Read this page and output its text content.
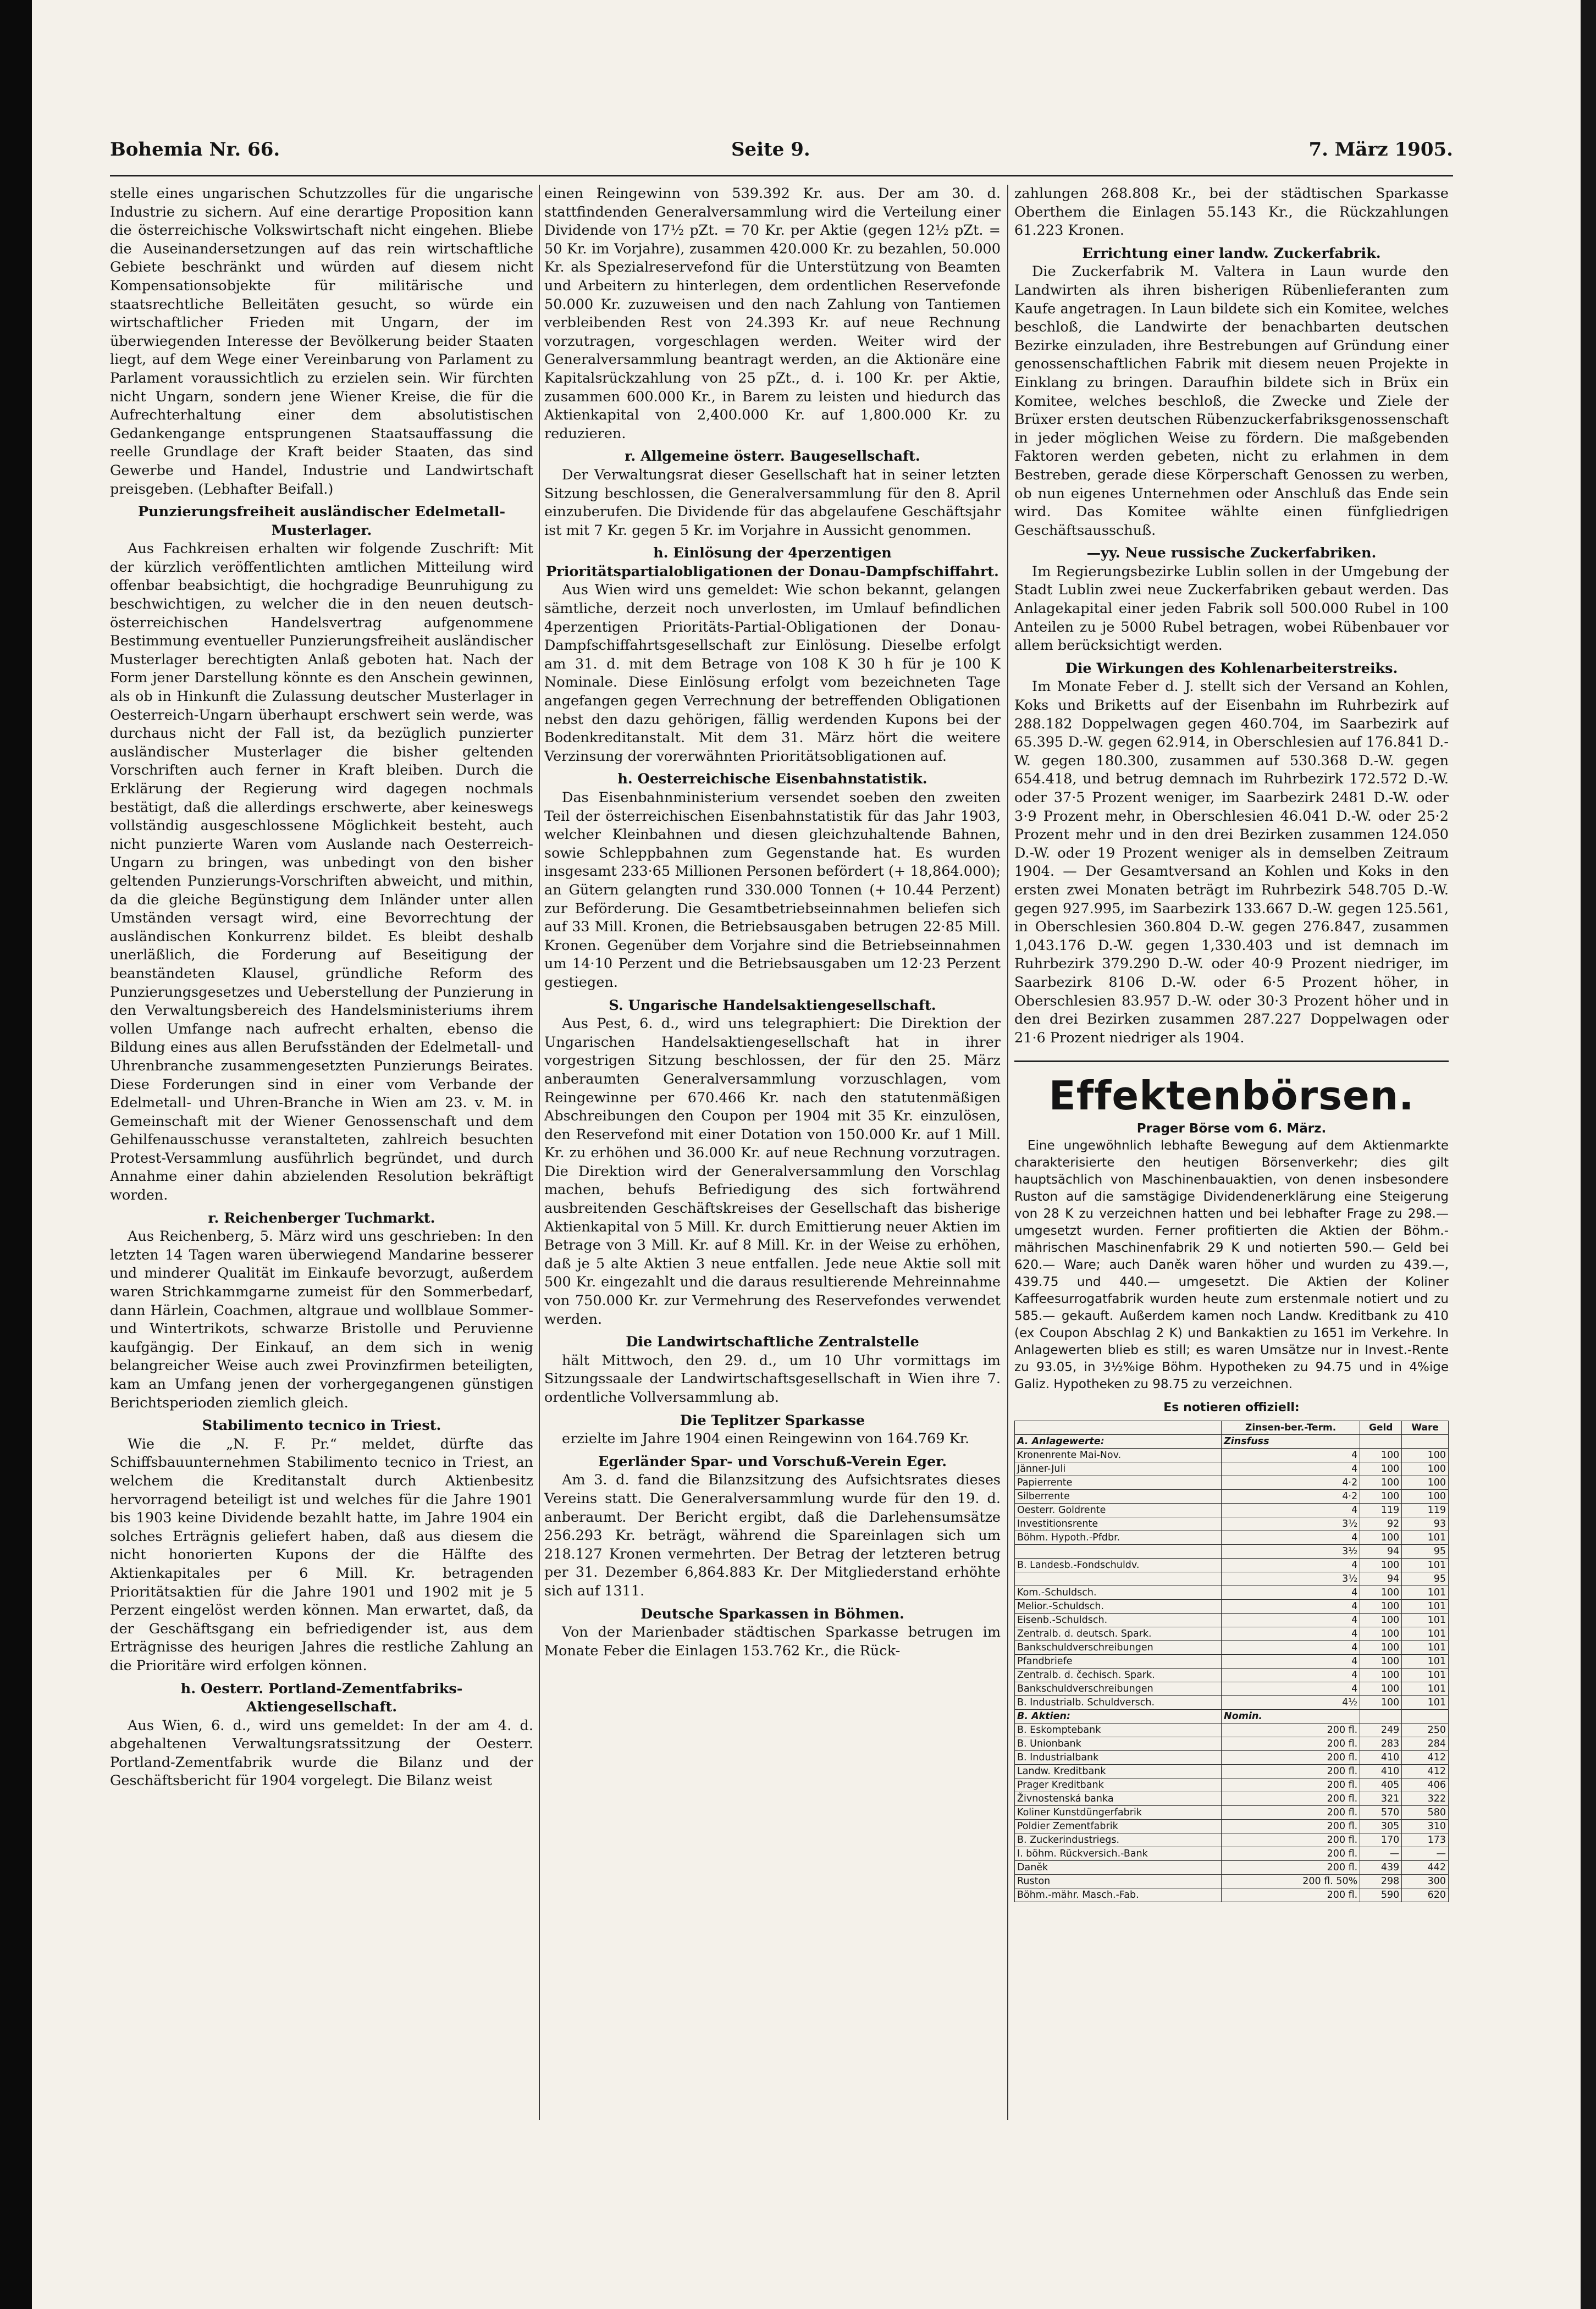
Bohemia Nr. 66.	Seite 9.	7. März 1905.

stelle eines ungarischen Schutzzolles für die ungarische Industrie zu sichern. Auf eine derartige Proposition kann die österreichische Volkswirtschaft nicht eingehen. Bliebe die Auseinandersetzungen auf das rein wirtschaftliche Gebiete beschränkt und würden auf diesem nicht Kompensationsobjekte für militärische und staatsrechtliche Belleitäten gesucht, so würde ein wirtschaftlicher Frieden mit Ungarn, der im überwiegenden Interesse der Bevölkerung beider Staaten liegt, auf dem Wege einer Vereinbarung von Parlament zu Parlament voraussichtlich zu erzielen sein. Wir fürchten nicht Ungarn, sondern jene Wiener Kreise, die für die Aufrechterhaltung einer dem absolutistischen Gedankengange entsprungenen Staatsauffassung die reelle Grundlage der Kraft beider Staaten, das sind Gewerbe und Handel, Industrie und Landwirtschaft preisgeben. (Lebhafter Beifall.)

Punzierungsfreiheit ausländischer Edelmetall-Musterlager.

Aus Fachkreisen erhalten wir folgende Zuschrift: Mit der kürzlich veröffentlichten amtlichen Mitteilung wird offenbar beabsichtigt, die hochgradige Beunruhigung zu beschwichtigen, zu welcher die in den neuen deutsch-österreichischen Handelsvertrag aufgenommene Bestimmung eventueller Punzierungsfreiheit ausländischer Musterlager berechtigten Anlaß geboten hat. Nach der Form jener Darstellung könnte es den Anschein gewinnen, als ob in Hinkunft die Zulassung deutscher Musterlager in Oesterreich-Ungarn überhaupt erschwert sein werde, was durchaus nicht der Fall ist, da bezüglich punzierter ausländischer Musterlager die bisher geltenden Vorschriften auch ferner in Kraft bleiben. Durch die Erklärung der Regierung wird dagegen nochmals bestätigt, daß die allerdings erschwerte, aber keineswegs vollständig ausgeschlossene Möglichkeit besteht, auch nicht punzierte Waren vom Auslande nach Oesterreich-Ungarn zu bringen, was unbedingt von den bisher geltenden Punzierungs-Vorschriften abweicht, und mithin, da die gleiche Begünstigung dem Inländer unter allen Umständen versagt wird, eine Bevorrechtung der ausländischen Konkurrenz bildet. Es bleibt deshalb unerläßlich, die Forderung auf Beseitigung der beanständeten Klausel, gründliche Reform des Punzierungsgesetzes und Ueberstellung der Punzierung in den Verwaltungsbereich des Handelsministeriums ihrem vollen Umfange nach aufrecht erhalten, ebenso die Bildung eines aus allen Berufsständen der Edelmetall- und Uhrenbranche zusammengesetzten Punzierungs Beirates. Diese Forderungen sind in einer vom Verbande der Edelmetall- und Uhren-Branche in Wien am 23. v. M. in Gemeinschaft mit der Wiener Genossenschaft und dem Gehilfenausschusse veranstalteten, zahlreich besuchten Protest-Versammlung ausführlich begründet, und durch Annahme einer dahin abzielenden Resolution bekräftigt worden.

r. Reichenberger Tuchmarkt.

Aus Reichenberg, 5. März wird uns geschrieben: In den letzten 14 Tagen waren überwiegend Mandarine besserer und minderer Qualität im Einkaufe bevorzugt, außerdem waren Strichkammgarne zumeist für den Sommerbedarf, dann Härlein, Coachmen, altgraue und wollblaue Sommer- und Wintertrikots, schwarze Bristolle und Peruvienne kaufgängig. Der Einkauf, an dem sich in wenig belangreicher Weise auch zwei Provinzfirmen beteiligten, kam an Umfang jenen der vorhergegangenen günstigen Berichtsperioden ziemlich gleich.

Stabilimento tecnico in Triest.

Wie die „N. F. Pr.“ meldet, dürfte das Schiffsbauunternehmen Stabilimento tecnico in Triest, an welchem die Kreditanstalt durch Aktienbesitz hervorragend beteiligt ist und welches für die Jahre 1901 bis 1903 keine Dividende bezahlt hatte, im Jahre 1904 ein solches Erträgnis geliefert haben, daß aus diesem die nicht honorierten Kupons der die Hälfte des Aktienkapitales per 6 Mill. Kr. betragenden Prioritätsaktien für die Jahre 1901 und 1902 mit je 5 Perzent eingelöst werden können. Man erwartet, daß, da der Geschäftsgang ein befriedigender ist, aus dem Erträgnisse des heurigen Jahres die restliche Zahlung an die Prioritäre wird erfolgen können.

h. Oesterr. Portland-Zementfabriks-Aktiengesellschaft.

Aus Wien, 6. d., wird uns gemeldet: In der am 4. d. abgehaltenen Verwaltungsratssitzung der Oesterr. Portland-Zementfabrik wurde die Bilanz und der Geschäftsbericht für 1904 vorgelegt. Die Bilanz weist

einen Reingewinn von 539.392 Kr. aus. Der am 30. d. stattfindenden Generalversammlung wird die Verteilung einer Dividende von 17½ pZt. = 70 Kr. per Aktie (gegen 12½ pZt. = 50 Kr. im Vorjahre), zusammen 420.000 Kr. zu bezahlen, 50.000 Kr. als Spezialreservefond für die Unterstützung von Beamten und Arbeitern zu hinterlegen, dem ordentlichen Reservefonde 50.000 Kr. zuzuweisen und den nach Zahlung von Tantiemen verbleibenden Rest von 24.393 Kr. auf neue Rechnung vorzutragen, vorgeschlagen werden. Weiter wird der Generalversammlung beantragt werden, an die Aktionäre eine Kapitalsrückzahlung von 25 pZt., d. i. 100 Kr. per Aktie, zusammen 600.000 Kr., in Barem zu leisten und hiedurch das Aktienkapital von 2,400.000 Kr. auf 1,800.000 Kr. zu reduzieren.

r. Allgemeine österr. Baugesellschaft.

Der Verwaltungsrat dieser Gesellschaft hat in seiner letzten Sitzung beschlossen, die Generalversammlung für den 8. April einzuberufen. Die Dividende für das abgelaufene Geschäftsjahr ist mit 7 Kr. gegen 5 Kr. im Vorjahre in Aussicht genommen.

h. Einlösung der 4perzentigen Prioritätspartialobligationen der Donau-Dampfschiffahrt.

Aus Wien wird uns gemeldet: Wie schon bekannt, gelangen sämtliche, derzeit noch unverlosten, im Umlauf befindlichen 4perzentigen Prioritäts-Partial-Obligationen der Donau-Dampfschiffahrtsgesellschaft zur Einlösung. Dieselbe erfolgt am 31. d. mit dem Betrage von 108 K 30 h für je 100 K Nominale. Diese Einlösung erfolgt vom bezeichneten Tage angefangen gegen Verrechnung der betreffenden Obligationen nebst den dazu gehörigen, fällig werdenden Kupons bei der Bodenkreditanstalt. Mit dem 31. März hört die weitere Verzinsung der vorerwähnten Prioritätsobligationen auf.

h. Oesterreichische Eisenbahnstatistik.

Das Eisenbahnministerium versendet soeben den zweiten Teil der österreichischen Eisenbahnstatistik für das Jahr 1903, welcher Kleinbahnen und diesen gleichzuhaltende Bahnen, sowie Schleppbahnen zum Gegenstande hat. Es wurden insgesamt 233·65 Millionen Personen befördert (+ 18,864.000); an Gütern gelangten rund 330.000 Tonnen (+ 10.44 Perzent) zur Beförderung. Die Gesamtbetriebseinnahmen beliefen sich auf 33 Mill. Kronen, die Betriebsausgaben betrugen 22·85 Mill. Kronen. Gegenüber dem Vorjahre sind die Betriebseinnahmen um 14·10 Perzent und die Betriebsausgaben um 12·23 Perzent gestiegen.

S. Ungarische Handelsaktiengesellschaft.

Aus Pest, 6. d., wird uns telegraphiert: Die Direktion der Ungarischen Handelsaktiengesellschaft hat in ihrer vorgestrigen Sitzung beschlossen, der für den 25. März anberaumten Generalversammlung vorzuschlagen, vom Reingewinne per 670.466 Kr. nach den statutenmäßigen Abschreibungen den Coupon per 1904 mit 35 Kr. einzulösen, den Reservefond mit einer Dotation von 150.000 Kr. auf 1 Mill. Kr. zu erhöhen und 36.000 Kr. auf neue Rechnung vorzutragen. Die Direktion wird der Generalversammlung den Vorschlag machen, behufs Befriedigung des sich fortwährend ausbreitenden Geschäftskreises der Gesellschaft das bisherige Aktienkapital von 5 Mill. Kr. durch Emittierung neuer Aktien im Betrage von 3 Mill. Kr. auf 8 Mill. Kr. in der Weise zu erhöhen, daß je 5 alte Aktien 3 neue entfallen. Jede neue Aktie soll mit 500 Kr. eingezahlt und die daraus resultierende Mehreinnahme von 750.000 Kr. zur Vermehrung des Reservefondes verwendet werden.

Die Landwirtschaftliche Zentralstelle

hält Mittwoch, den 29. d., um 10 Uhr vormittags im Sitzungssaale der Landwirtschaftsgesellschaft in Wien ihre 7. ordentliche Vollversammlung ab.

Die Teplitzer Sparkasse

erzielte im Jahre 1904 einen Reingewinn von 164.769 Kr.

Egerländer Spar- und Vorschuß-Verein Eger.

Am 3. d. fand die Bilanzsitzung des Aufsichtsrates dieses Vereins statt. Die Generalversammlung wurde für den 19. d. anberaumt. Der Bericht ergibt, daß die Darlehensumsätze 256.293 Kr. beträgt, während die Spareinlagen sich um 218.127 Kronen vermehrten. Der Betrag der letzteren betrug per 31. Dezember 6,864.883 Kr. Der Mitgliederstand erhöhte sich auf 1311.

Deutsche Sparkassen in Böhmen.

Von der Marienbader städtischen Sparkasse betrugen im Monate Feber die Einlagen 153.762 Kr., die Rück-

zahlungen 268.808 Kr., bei der städtischen Sparkasse Oberthem die Einlagen 55.143 Kr., die Rückzahlungen 61.223 Kronen.

Errichtung einer landw. Zuckerfabrik.

Die Zuckerfabrik M. Valtera in Laun wurde den Landwirten als ihren bisherigen Rübenlieferanten zum Kaufe angetragen. In Laun bildete sich ein Komitee, welches beschloß, die Landwirte der benachbarten deutschen Bezirke einzuladen, ihre Bestrebungen auf Gründung einer genossenschaftlichen Fabrik mit diesem neuen Projekte in Einklang zu bringen. Daraufhin bildete sich in Brüx ein Komitee, welches beschloß, die Zwecke und Ziele der Brüxer ersten deutschen Rübenzuckerfabriksgenossenschaft in jeder möglichen Weise zu fördern. Die maßgebenden Faktoren werden gebeten, nicht zu erlahmen in dem Bestreben, gerade diese Körperschaft Genossen zu werben, ob nun eigenes Unternehmen oder Anschluß das Ende sein wird. Das Komitee wählte einen fünfgliedrigen Geschäftsausschuß.

—yy. Neue russische Zuckerfabriken.

Im Regierungsbezirke Lublin sollen in der Umgebung der Stadt Lublin zwei neue Zuckerfabriken gebaut werden. Das Anlagekapital einer jeden Fabrik soll 500.000 Rubel in 100 Anteilen zu je 5000 Rubel betragen, wobei Rübenbauer vor allem berücksichtigt werden.

Die Wirkungen des Kohlenarbeiterstreiks.

Im Monate Feber d. J. stellt sich der Versand an Kohlen, Koks und Briketts auf der Eisenbahn im Ruhrbezirk auf 288.182 Doppelwagen gegen 460.704, im Saarbezirk auf 65.395 D.-W. gegen 62.914, in Oberschlesien auf 176.841 D.-W. gegen 180.300, zusammen auf 530.368 D.-W. gegen 654.418, und betrug demnach im Ruhrbezirk 172.572 D.-W. oder 37·5 Prozent weniger, im Saarbezirk 2481 D.-W. oder 3·9 Prozent mehr, in Oberschlesien 46.041 D.-W. oder 25·2 Prozent mehr und in den drei Bezirken zusammen 124.050 D.-W. oder 19 Prozent weniger als in demselben Zeitraum 1904. — Der Gesamtversand an Kohlen und Koks in den ersten zwei Monaten beträgt im Ruhrbezirk 548.705 D.-W. gegen 927.995, im Saarbezirk 133.667 D.-W. gegen 125.561, in Oberschlesien 360.804 D.-W. gegen 276.847, zusammen 1,043.176 D.-W. gegen 1,330.403 und ist demnach im Ruhrbezirk 379.290 D.-W. oder 40·9 Prozent niedriger, im Saarbezirk 8106 D.-W. oder 6·5 Prozent höher, in Oberschlesien 83.957 D.-W. oder 30·3 Prozent höher und in den drei Bezirken zusammen 287.227 Doppelwagen oder 21·6 Prozent niedriger als 1904.

Effektenbörsen.
Prager Börse vom 6. März.

Eine ungewöhnlich lebhafte Bewegung auf dem Aktienmarkte charakterisierte den heutigen Börsenverkehr; dies gilt hauptsächlich von Maschinenbauaktien, von denen insbesondere Ruston auf die samstägige Dividendenerklärung eine Steigerung von 28 K zu verzeichnen hatten und bei lebhafter Frage zu 298.— umgesetzt wurden. Ferner profitierten die Aktien der Böhm.-mährischen Maschinenfabrik 29 K und notierten 590.— Geld bei 620.— Ware; auch Daněk waren höher und wurden zu 439.—, 439.75 und 440.— umgesetzt. Die Aktien der Koliner Kaffeesurrogatfabrik wurden heute zum erstenmale notiert und zu 585.— gekauft. Außerdem kamen noch Landw. Kreditbank zu 410 (ex Coupon Abschlag 2 K) und Bankaktien zu 1651 im Verkehre. In Anlagewerten blieb es still; es waren Umsätze nur in Invest.-Rente zu 93.05, in 3½%ige Böhm. Hypotheken zu 94.75 und in 4%ige Galiz. Hypotheken zu 98.75 zu verzeichnen.

Es notieren offiziell:
	Zinsen-ber.-Term.	Geld	Ware
A. Anlagewerte:	Zinsfuss		
Kronenrente Mai-Nov.	4	100	100
Jänner-Juli	4	100	100
Papierrente	4·2	100	100
Silberrente	4·2	100	100
Oesterr. Goldrente	4	119	119
Investitionsrente	3½	92	93
Böhm. Hypoth.-Pfdbr.	4	100	101
	3½	94	95
B. Landesb.-Fondschuldv.	4	100	101
	3½	94	95
Kom.-Schuldsch.	4	100	101
Melior.-Schuldsch.	4	100	101
Eisenb.-Schuldsch.	4	100	101
Zentralb. d. deutsch. Spark.	4	100	101
Bankschuldverschreibungen	4	100	101
Pfandbriefe	4	100	101
Zentralb. d. čechisch. Spark.	4	100	101
Bankschuldverschreibungen	4	100	101
B. Industrialb. Schuldversch.	4½	100	101
B. Aktien:	Nomin.		
B. Eskomptebank	200 fl.	249	250
B. Unionbank	200 fl.	283	284
B. Industrialbank	200 fl.	410	412
Landw. Kreditbank	200 fl.	410	412
Prager Kreditbank	200 fl.	405	406
Živnostenská banka	200 fl.	321	322
Koliner Kunstdüngerfabrik	200 fl.	570	580
Poldier Zementfabrik	200 fl.	305	310
B. Zuckerindustriegs.	200 fl.	170	173
I. böhm. Rückversich.-Bank	200 fl.	—	—
Daněk	200 fl.	439	442
Ruston	200 fl. 50%	298	300
Böhm.-mähr. Masch.-Fab.	200 fl.	590	620
